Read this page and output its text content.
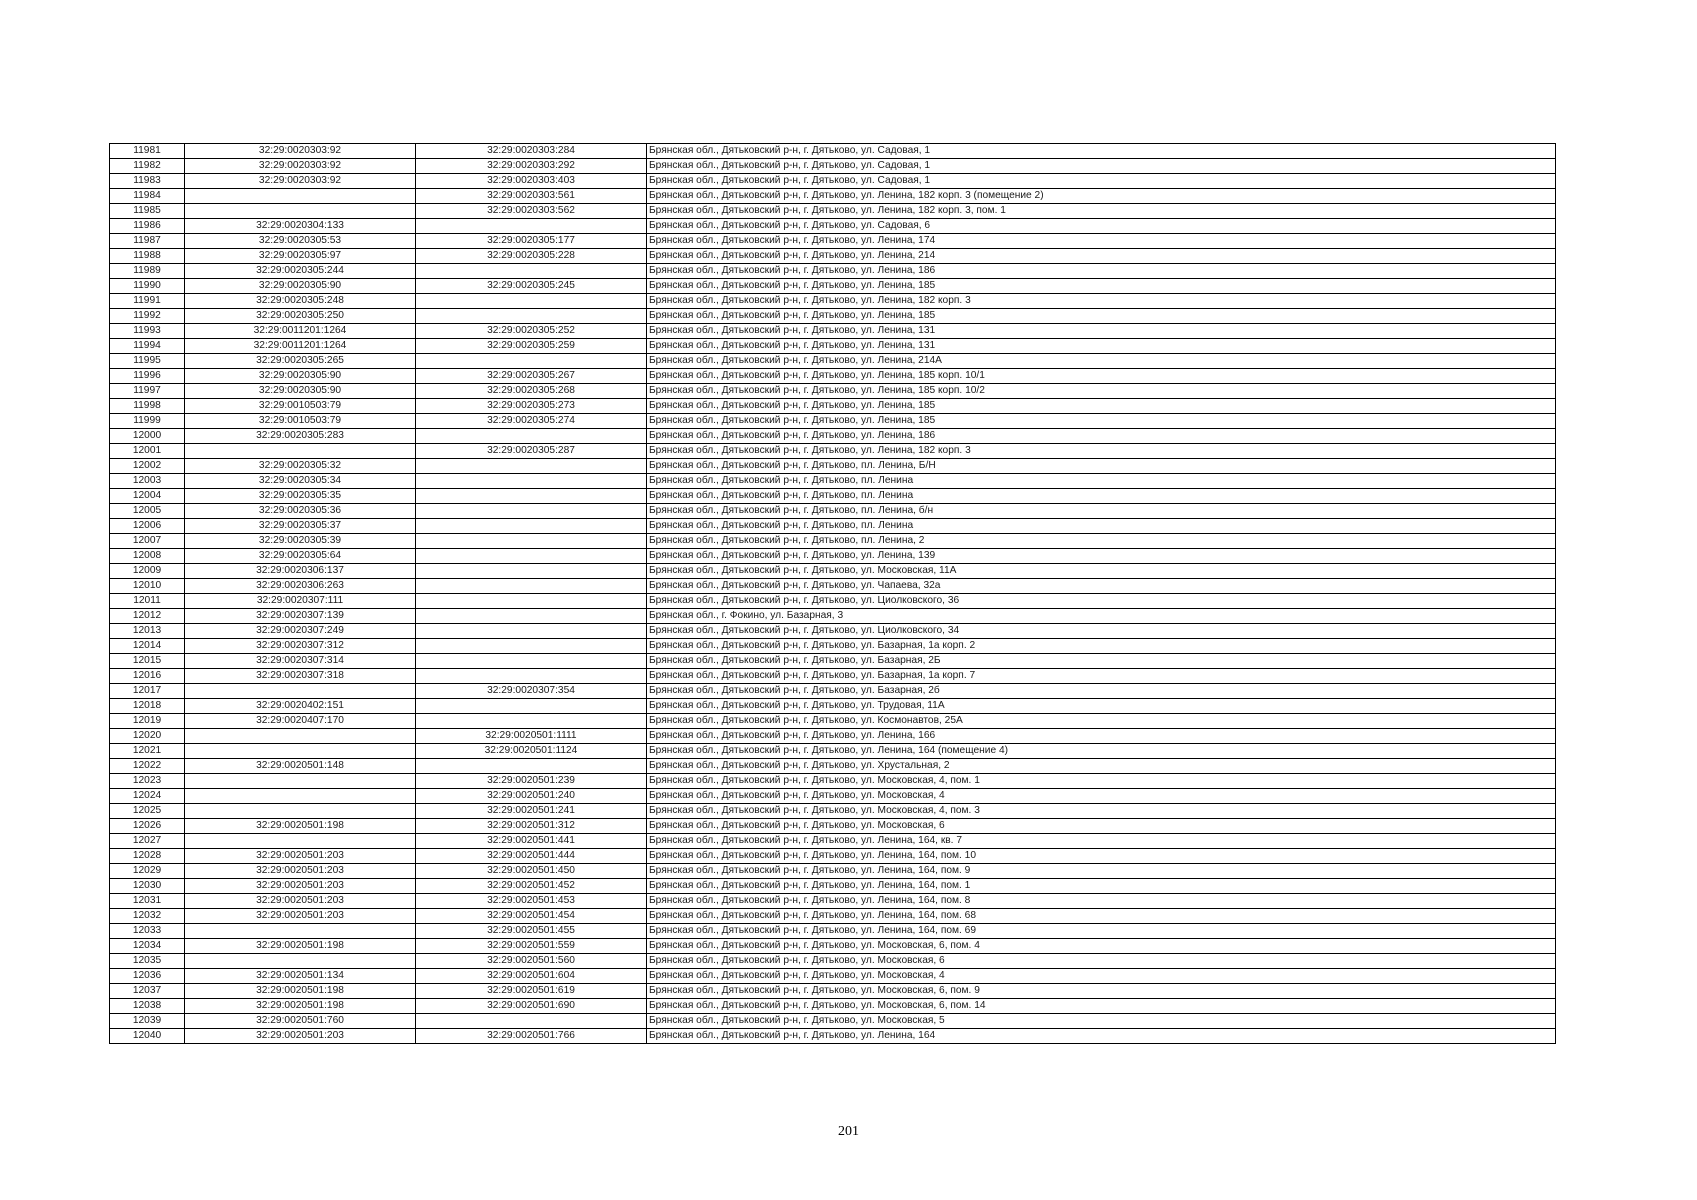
11981	32:29:0020303:92	32:29:0020303:284	Брянская обл., Дятьковский р-н, г. Дятьково, ул. Садовая, 1
11982	32:29:0020303:92	32:29:0020303:292	Брянская обл., Дятьковский р-н, г. Дятьково, ул. Садовая, 1
11983	32:29:0020303:92	32:29:0020303:403	Брянская обл., Дятьковский р-н, г. Дятьково, ул. Садовая, 1
11984		32:29:0020303:561	Брянская обл., Дятьковский р-н, г. Дятьково, ул. Ленина, 182 корп. 3 (помещение 2)
11985		32:29:0020303:562	Брянская обл., Дятьковский р-н, г. Дятьково, ул. Ленина, 182 корп. 3, пом. 1
11986	32:29:0020304:133		Брянская обл., Дятьковский р-н, г. Дятьково, ул. Садовая, 6
11987	32:29:0020305:53	32:29:0020305:177	Брянская обл., Дятьковский р-н, г. Дятьково, ул. Ленина, 174
11988	32:29:0020305:97	32:29:0020305:228	Брянская обл., Дятьковский р-н, г. Дятьково, ул. Ленина, 214
11989	32:29:0020305:244		Брянская обл., Дятьковский р-н, г. Дятьково, ул. Ленина, 186
11990	32:29:0020305:90	32:29:0020305:245	Брянская обл., Дятьковский р-н, г. Дятьково, ул. Ленина, 185
11991	32:29:0020305:248		Брянская обл., Дятьковский р-н, г. Дятьково, ул. Ленина, 182 корп. 3
11992	32:29:0020305:250		Брянская обл., Дятьковский р-н, г. Дятьково, ул. Ленина, 185
11993	32:29:0011201:1264	32:29:0020305:252	Брянская обл., Дятьковский р-н, г. Дятьково, ул. Ленина, 131
11994	32:29:0011201:1264	32:29:0020305:259	Брянская обл., Дятьковский р-н, г. Дятьково, ул. Ленина, 131
11995	32:29:0020305:265		Брянская обл., Дятьковский р-н, г. Дятьково, ул. Ленина, 214А
11996	32:29:0020305:90	32:29:0020305:267	Брянская обл., Дятьковский р-н, г. Дятьково, ул. Ленина, 185 корп. 10/1
11997	32:29:0020305:90	32:29:0020305:268	Брянская обл., Дятьковский р-н, г. Дятьково, ул. Ленина, 185 корп. 10/2
11998	32:29:0010503:79	32:29:0020305:273	Брянская обл., Дятьковский р-н, г. Дятьково, ул. Ленина, 185
11999	32:29:0010503:79	32:29:0020305:274	Брянская обл., Дятьковский р-н, г. Дятьково, ул. Ленина, 185
12000	32:29:0020305:283		Брянская обл., Дятьковский р-н, г. Дятьково, ул. Ленина, 186
12001		32:29:0020305:287	Брянская обл., Дятьковский р-н, г. Дятьково, ул. Ленина, 182 корп. 3
12002	32:29:0020305:32		Брянская обл., Дятьковский р-н, г. Дятьково, пл. Ленина, Б/Н
12003	32:29:0020305:34		Брянская обл., Дятьковский р-н, г. Дятьково, пл. Ленина
12004	32:29:0020305:35		Брянская обл., Дятьковский р-н, г. Дятьково, пл. Ленина
12005	32:29:0020305:36		Брянская обл., Дятьковский р-н, г. Дятьково, пл. Ленина, б/н
12006	32:29:0020305:37		Брянская обл., Дятьковский р-н, г. Дятьково, пл. Ленина
12007	32:29:0020305:39		Брянская обл., Дятьковский р-н, г. Дятьково, пл. Ленина, 2
12008	32:29:0020305:64		Брянская обл., Дятьковский р-н, г. Дятьково, ул. Ленина, 139
12009	32:29:0020306:137		Брянская обл., Дятьковский р-н, г. Дятьково, ул. Московская, 11А
12010	32:29:0020306:263		Брянская обл., Дятьковский р-н, г. Дятьково, ул. Чапаева, 32а
12011	32:29:0020307:111		Брянская обл., Дятьковский р-н, г. Дятьково, ул. Циолковского, 36
12012	32:29:0020307:139		Брянская обл., г. Фокино, ул. Базарная, 3
12013	32:29:0020307:249		Брянская обл., Дятьковский р-н, г. Дятьково, ул. Циолковского, 34
12014	32:29:0020307:312		Брянская обл., Дятьковский р-н, г. Дятьково, ул. Базарная, 1а корп. 2
12015	32:29:0020307:314		Брянская обл., Дятьковский р-н, г. Дятьково, ул. Базарная, 2Б
12016	32:29:0020307:318		Брянская обл., Дятьковский р-н, г. Дятьково, ул. Базарная, 1а корп. 7
12017		32:29:0020307:354	Брянская обл., Дятьковский р-н, г. Дятьково, ул. Базарная, 2б
12018	32:29:0020402:151		Брянская обл., Дятьковский р-н, г. Дятьково, ул. Трудовая, 11А
12019	32:29:0020407:170		Брянская обл., Дятьковский р-н, г. Дятьково, ул. Космонавтов, 25А
12020		32:29:0020501:1111	Брянская обл., Дятьковский р-н, г. Дятьково, ул. Ленина, 166
12021		32:29:0020501:1124	Брянская обл., Дятьковский р-н, г. Дятьково, ул. Ленина, 164 (помещение 4)
12022	32:29:0020501:148		Брянская обл., Дятьковский р-н, г. Дятьково, ул. Хрустальная, 2
12023		32:29:0020501:239	Брянская обл., Дятьковский р-н, г. Дятьково, ул. Московская, 4, пом. 1
12024		32:29:0020501:240	Брянская обл., Дятьковский р-н, г. Дятьково, ул. Московская, 4
12025		32:29:0020501:241	Брянская обл., Дятьковский р-н, г. Дятьково, ул. Московская, 4, пом. 3
12026	32:29:0020501:198	32:29:0020501:312	Брянская обл., Дятьковский р-н, г. Дятьково, ул. Московская, 6
12027		32:29:0020501:441	Брянская обл., Дятьковский р-н, г. Дятьково, ул. Ленина, 164, кв. 7
12028	32:29:0020501:203	32:29:0020501:444	Брянская обл., Дятьковский р-н, г. Дятьково, ул. Ленина, 164, пом. 10
12029	32:29:0020501:203	32:29:0020501:450	Брянская обл., Дятьковский р-н, г. Дятьково, ул. Ленина, 164, пом. 9
12030	32:29:0020501:203	32:29:0020501:452	Брянская обл., Дятьковский р-н, г. Дятьково, ул. Ленина, 164, пом. 1
12031	32:29:0020501:203	32:29:0020501:453	Брянская обл., Дятьковский р-н, г. Дятьково, ул. Ленина, 164, пом. 8
12032	32:29:0020501:203	32:29:0020501:454	Брянская обл., Дятьковский р-н, г. Дятьково, ул. Ленина, 164, пом. 68
12033		32:29:0020501:455	Брянская обл., Дятьковский р-н, г. Дятьково, ул. Ленина, 164, пом. 69
12034	32:29:0020501:198	32:29:0020501:559	Брянская обл., Дятьковский р-н, г. Дятьково, ул. Московская, 6, пом. 4
12035		32:29:0020501:560	Брянская обл., Дятьковский р-н, г. Дятьково, ул. Московская, 6
12036	32:29:0020501:134	32:29:0020501:604	Брянская обл., Дятьковский р-н, г. Дятьково, ул. Московская, 4
12037	32:29:0020501:198	32:29:0020501:619	Брянская обл., Дятьковский р-н, г. Дятьково, ул. Московская, 6, пом. 9
12038	32:29:0020501:198	32:29:0020501:690	Брянская обл., Дятьковский р-н, г. Дятьково, ул. Московская, 6, пом. 14
12039	32:29:0020501:760		Брянская обл., Дятьковский р-н, г. Дятьково, ул. Московская, 5
12040	32:29:0020501:203	32:29:0020501:766	Брянская обл., Дятьковский р-н, г. Дятьково, ул. Ленина, 164
201
